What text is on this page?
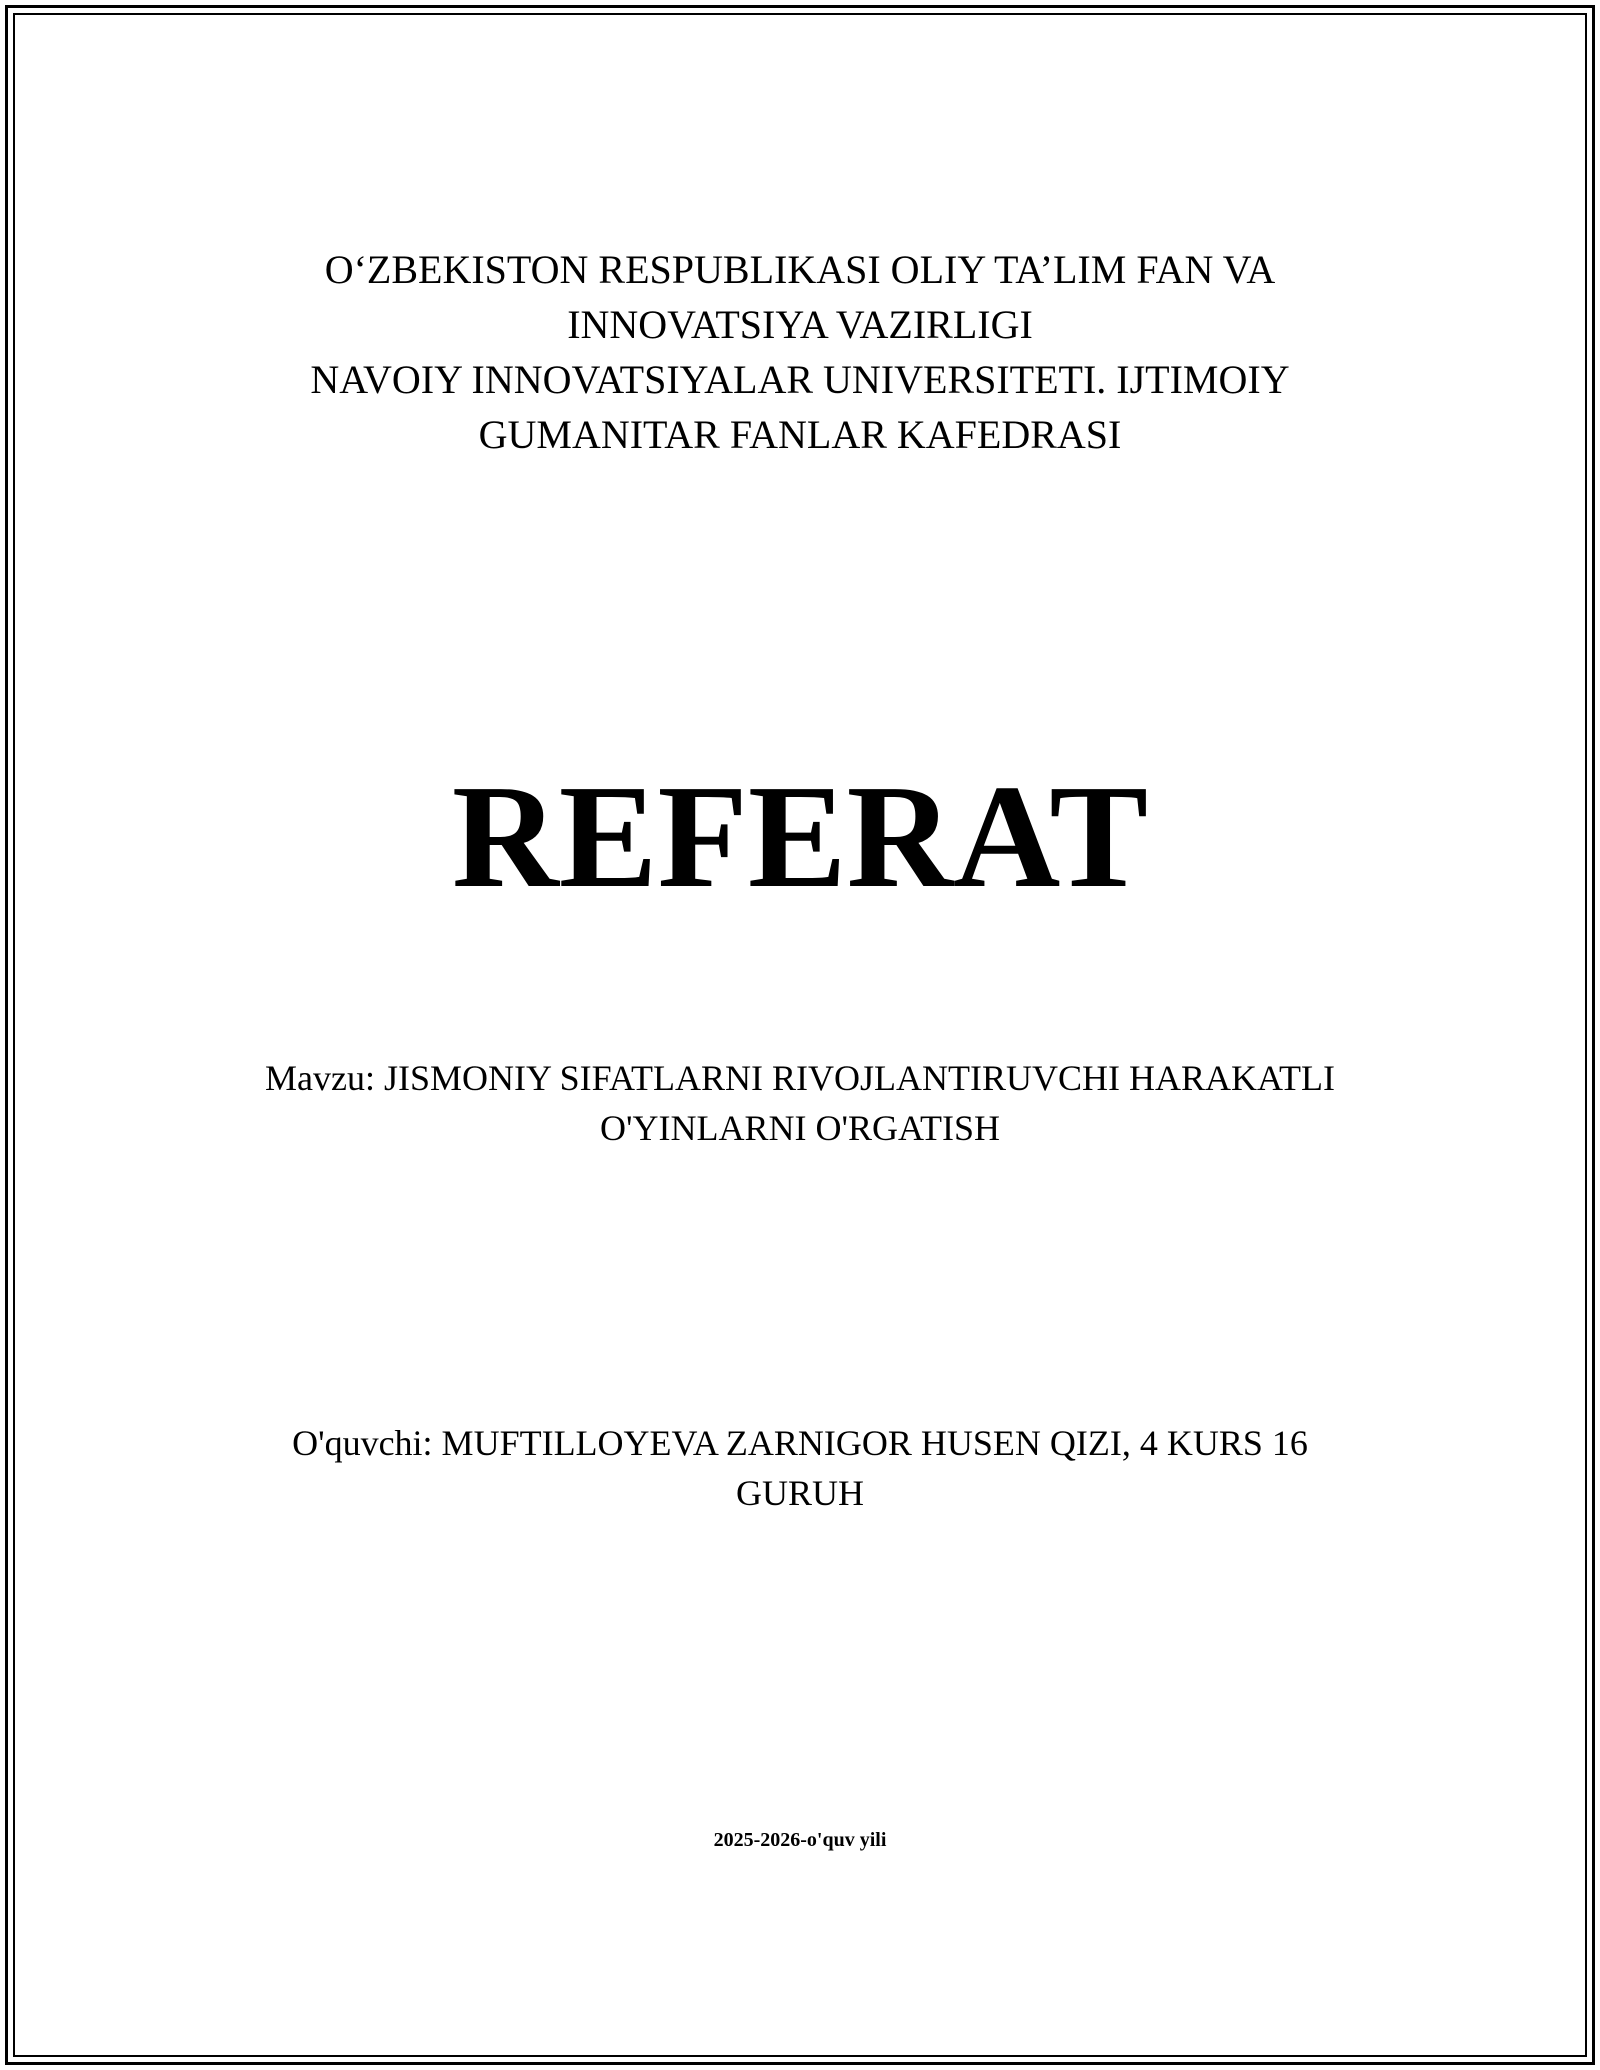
O‘ZBEKISTON RESPUBLIKASI OLIY TA’LIM FAN VA
INNOVATSIYA VAZIRLIGI
NAVOIY INNOVATSIYALAR UNIVERSITETI. IJTIMOIY
GUMANITAR FANLAR KAFEDRASI
REFERAT
Mavzu: JISMONIY SIFATLARNI RIVOJLANTIRUVCHI HARAKATLI
O'YINLARNI O'RGATISH
O'quvchi: MUFTILLOYEVA ZARNIGOR HUSEN QIZI, 4 KURS 16
GURUH
2025-2026-o'quv yili
